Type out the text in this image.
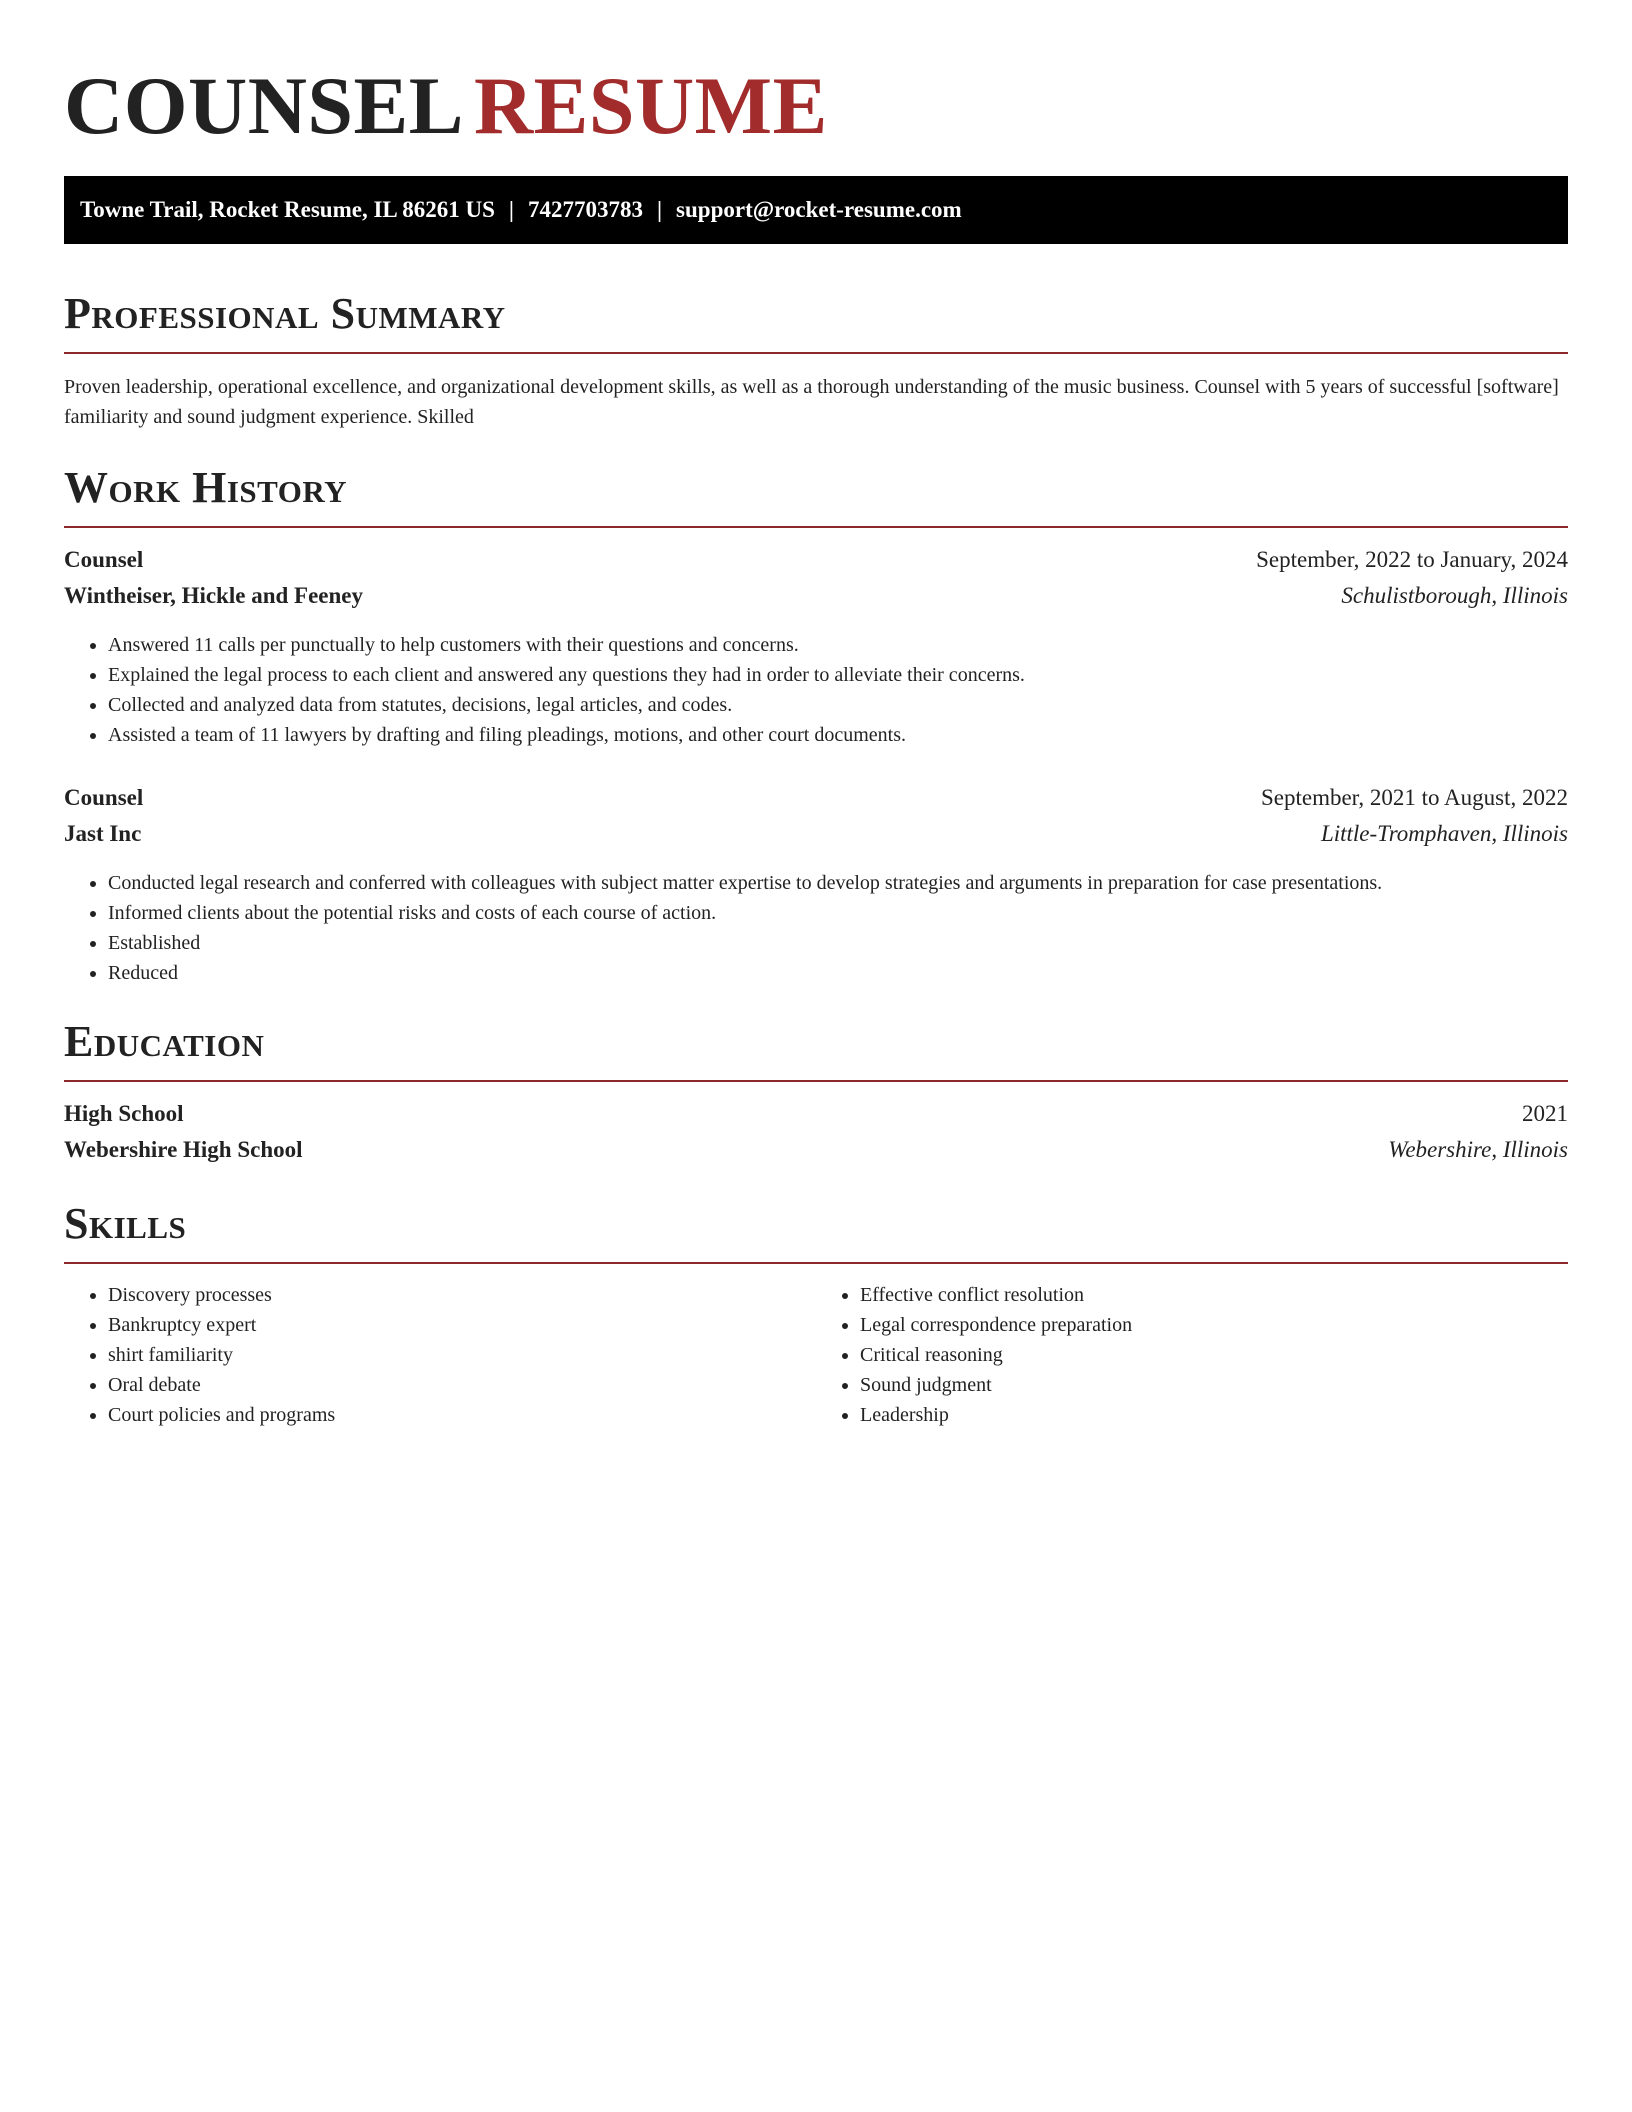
COUNSEL RESUME
Towne Trail, Rocket Resume, IL 86261 US | 7427703783 | support@rocket-resume.com
Professional Summary

Proven leadership, operational excellence, and organizational development skills, as well as a thorough understanding of the music business. Counsel with 5 years of successful [software] familiarity and sound judgment experience. Skilled

Work History
Counsel	September, 2022 to January, 2024
Wintheiser, Hickle and Feeney	Schulistborough, Illinois
• Answered 11 calls per punctually to help customers with their questions and concerns.
• Explained the legal process to each client and answered any questions they had in order to alleviate their concerns.
• Collected and analyzed data from statutes, decisions, legal articles, and codes.
• Assisted a team of 11 lawyers by drafting and filing pleadings, motions, and other court documents.
Counsel	September, 2021 to August, 2022
Jast Inc	Little-Tromphaven, Illinois
• Conducted legal research and conferred with colleagues with subject matter expertise to develop strategies and arguments in preparation for case presentations.
• Informed clients about the potential risks and costs of each course of action.
• Established
• Reduced
Education
High School	2021
Webershire High School	Webershire, Illinois
Skills
• Discovery processes
• Bankruptcy expert
• shirt familiarity
• Oral debate
• Court policies and programs
• Effective conflict resolution
• Legal correspondence preparation
• Critical reasoning
• Sound judgment
• Leadership
